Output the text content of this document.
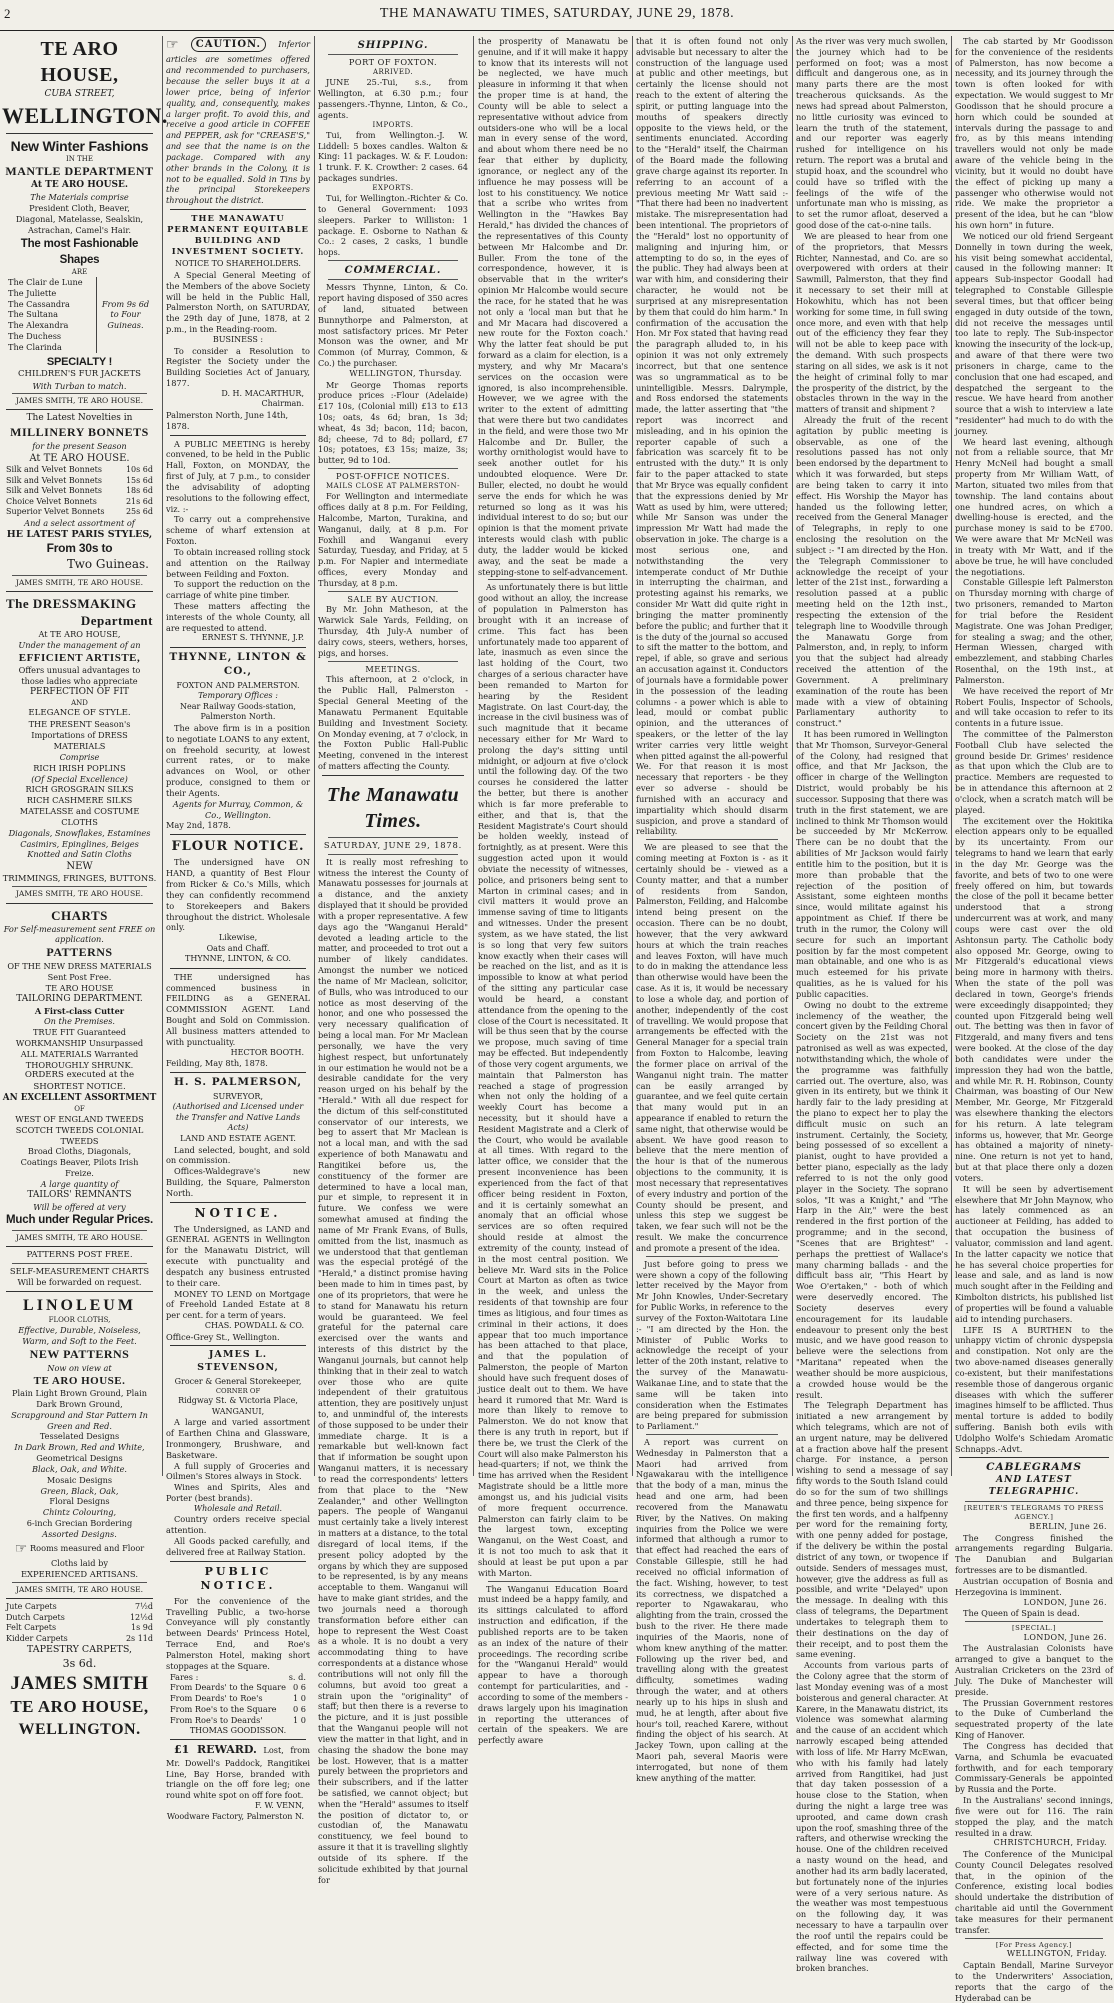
2	THE MANAWATU TIMES, SATURDAY, JUNE 29, 1878.
TE ARO HOUSE,
CUBA STREET,
WELLINGTON.
New Winter Fashions
IN THE
MANTLE DEPARTMENT
At TE ARO HOUSE.
The Materials comprise
President Cloth, Beaver, Diagonal, Matelasse, Sealskin, Astrachan, Camel's Hair.
The most Fashionable Shapes
ARE
The Clair de Lune
The Juliette
The Cassandra
The Sultana
The Alexandra
The Duchess
The Clarinda
From 9s 6d to Four Guineas.
SPECIALTY !
CHILDREN'S FUR JACKETS
With Turban to match.
JAMES SMITH, TE ARO HOUSE.
The Latest Novelties in
MILLINERY BONNETS
for the present Season
At TE ARO HOUSE.
Silk and Velvet Bonnets	10s 6d
Silk and Velvet Bonnets	15s 6d
Silk and Velvet Bonnets	18s 6d
Choice Velvet Bonnets	21s 6d
Superior Velvet Bonnets	25s 6d
And a select assortment of
HE LATEST PARIS STYLES,
From 30s to
Two Guineas.
JAMES SMITH, TE ARO HOUSE.
The DRESSMAKING
Department
At TE ARO HOUSE,
Under the management of an
EFFICIENT ARTISTE,
Offers unusual advantages to those ladies who appreciate
PERFECTION OF FIT
AND
ELEGANCE OF STYLE.
THE PRESENT Season's Importations of DRESS MATERIALS
Comprise
RICH IRISH POPLINS
(Of Special Excellence)
RICH GROSGRAIN SILKS
RICH CASHMERE SILKS
MATELASSE and COSTUME CLOTHS
Diagonals, Snowflakes, Estamines Casimirs, Epinglines, Beiges Knotted and Satin Cloths
NEW
TRIMMINGS, FRINGES, BUTTONS.
JAMES SMITH, TE ARO HOUSE.
CHARTS
For Self-measurement sent FREE on application.
PATTERNS
OF THE NEW DRESS MATERIALS Sent Post Free.
TE ARO HOUSE
TAILORING DEPARTMENT.
A First-class Cutter
On the Premises.
TRUE FIT Guaranteed
WORKMANSHIP Unsurpassed
ALL MATERIALS Warranted
THOROUGHLY SHRUNK.
ORDERS executed at the SHORTEST NOTICE.
AN EXCELLENT ASSORTMENT
OF
WEST OF ENGLAND TWEEDS SCOTCH TWEEDS COLONIAL TWEEDS
Broad Cloths, Diagonals, Coatings Beaver, Pilots Irish Freize.
A large quantity of
TAILORS' REMNANTS
Will be offered at very
Much under Regular Prices.
JAMES SMITH, TE ARO HOUSE.
PATTERNS POST FREE.
SELF-MEASUREMENT CHARTS
Will be forwarded on request.
LINOLEUM
FLOOR CLOTHS,
Effective, Durable, Noiseless, Warm, and Soft to the Feet.
NEW PATTERNS
Now on view at
TE ARO HOUSE.
Plain Light Brown Ground, Plain Dark Brown Ground,
Scrapground and Star Pattern In Green and Red.
Tesselated Designs
In Dark Brown, Red and White,
Geometrical Designs
Black, Oak, and White.
Mosaic Designs
Green, Black, Oak,
Floral Designs
Chintz Colouring,
6-inch Grecian Bordering
Assorted Designs.
☞ Rooms measured and Floor Cloths laid by
EXPERIENCED ARTISANS.
JAMES SMITH, TE ARO HOUSE.
Jute Carpets	7½d
Dutch Carpets	12½d
Felt Carpets	1s 9d
Kidder Carpets	2s 11d
TAPESTRY CARPETS,
3s 6d.
JAMES SMITH
TE ARO HOUSE,
WELLINGTON.
☞ CAUTION. Inferior articles are sometimes offered and recommended to purchasers, because the seller buys it at a lower price, being of inferior quality, and, consequently, makes a larger profit. To avoid this, and receive a good article in COFFEE and PEPPER, ask for "CREASE'S," and see that the name is on the package. Compared with any other brands in the Colony, it is not to be equalled. Sold in Tins by the principal Storekeepers throughout the district.
THE MANAWATU PERMANENT EQUITABLE BUILDING AND INVESTMENT SOCIETY.
NOTICE TO SHAREHOLDERS.
A Special General Meeting of the Members of the above Society will be held in the Public Hall, Palmerston North, on SATURDAY, the 29th day of June, 1878, at 2 p.m., in the Reading-room.
BUSINESS :
To consider a Resolution to Register the Society under the Building Societies Act of January, 1877.
D. H. MACARTHUR,
Chairman.
Palmerston North, June 14th, 1878.
A PUBLIC MEETING is hereby convened, to be held in the Public Hall, Foxton, on MONDAY, the first of July, at 7 p.m., to consider the advisability of adopting resolutions to the following effect, viz. :-
To carry out a comprehensive scheme of wharf extension at Foxton.
To obtain increased rolling stock and attention on the Railway between Feilding and Foxton.
To support the reduction on the carriage of white pine timber.
These matters affecting the interests of the whole County, all are requested to attend.
ERNEST S. THYNNE, J.P.
THYNNE, LINTON & CO.,
FOXTON AND PALMERSTON.
Temporary Offices :
Near Railway Goods-station, Palmerston North.
The above firm is in a position to negotiate LOANS to any extent, on freehold security, at lowest current rates, or to make advances on Wool, or other produce, consigned to them or their Agents.
Agents for Murray, Common, & Co., Wellington.
May 2nd, 1878.
FLOUR NOTICE.
The undersigned have ON HAND, a quantity of Best Flour from Ricker & Co.'s Mills, which they can confidently recommend to Storekeepers and Bakers throughout the district. Wholesale only.
Likewise,
Oats and Chaff.
THYNNE, LINTON, & CO.
THE undersigned has commenced business in FEILDING as a GENERAL COMMISSION AGENT. Land Bought and Sold on Commission. All business matters attended to with punctuality.
HECTOR BOOTH.
Feilding, May 8th, 1878.
H. S. PALMERSON,
SURVEYOR,
(Authorised and Licensed under the Transfer and Native Lands Acts)
LAND AND ESTATE AGENT.
Land selected, bought, and sold on commission.
Offices-Waldegrave's new Building, the Square, Palmerston North.
NOTICE.
The Undersigned, as LAND and GENERAL AGENTS in Wellington for the Manawatu District, will execute with punctuality and despatch any business entrusted to their care.
MONEY TO LEND on Mortgage of Freehold Landed Estate at 8 per cent. for a term of years.
CHAS. POWDALL & CO.
Office-Grey St., Wellington.
JAMES L. STEVENSON,
Grocer & General Storekeeper,
CORNER OF
Ridgway St. & Victoria Place,
WANGANUI,
A large and varied assortment of Earthen China and Glassware, Ironmongery, Brushware, and Basketware.
A full supply of Groceries and Oilmen's Stores always in Stock.
Wines and Spirits, Ales and Porter (best brands).
Wholesale and Retail.
Country orders receive special attention.
All Goods packed carefully, and delivered free at Railway Station.
PUBLIC NOTICE.
For the convenience of the Travelling Public, a two-horse Conveyance will ply constantly between Deards' Princess Hotel, Terrace End, and Roe's Palmerston Hotel, making short stoppages at the Square.
Fares :	s. d.
From Deards' to the Square 0 6
From Deards' to Roe's	1 0
From Roe's to the Square 0 6
From Roe's to Deards'	1 0
THOMAS GOODISSON.
£1 REWARD. Lost, from Mr. Dowell's Paddock, Rangitikei Line, Bay Horse, branded with triangle on the off fore leg; one round white spot on off fore foot.
F. W. VENN,
Woodware Factory, Palmerston N.
SHIPPING.
PORT OF FOXTON.
ARRIVED.
JUNE 25.-Tui, s.s., from Wellington, at 6.30 p.m.; four passengers.-Thynne, Linton, & Co., agents.
IMPORTS.
Tui, from Wellington.-J. W. Liddell: 5 boxes candles. Walton & King: 11 packages. W. & F. Loudon: 1 trunk. F. K. Crowther: 2 cases. 64 packages sundries.
EXPORTS.
Tui, for Wellington.-Richter & Co. to General Government: 1093 sleepers. Parker to Williston: 1 package. E. Osborne to Nathan & Co.: 2 cases, 2 casks, 1 bundle hops.
COMMERCIAL.
Messrs Thynne, Linton, & Co. report having disposed of 350 acres of land, situated between Bunnythorpe and Palmerston, at most satisfactory prices. Mr Peter Monson was the owner, and Mr Common (of Murray, Common, & Co.) the purchaser.
WELLINGTON, Thursday.
Mr George Thomas reports produce prices :-Flour (Adelaide) £17 10s, (Colonial mill) £13 to £13 10s; oats, 4s 6d; bran, 1s 3d; wheat, 4s 3d; bacon, 11d; bacon, 8d; cheese, 7d to 8d; pollard, £7 10s; potatoes, £3 15s; maize, 3s; butter, 9d to 10d.
POST-OFFICE NOTICES.
MAILS CLOSE AT PALMERSTON-
For Wellington and intermediate offices daily at 8 p.m. For Feilding, Halcombe, Marton, Turakina, and Wanganui, daily, at 8 p.m. For Foxhill and Wanganui every Saturday, Tuesday, and Friday, at 5 p.m. For Napier and intermediate offices, every Monday and Thursday, at 8 p.m.
SALE BY AUCTION.
By Mr. John Matheson, at the Warwick Sale Yards, Feilding, on Thursday, 4th July-A number of dairy cows, steers, wethers, horses, pigs, and horses.
MEETINGS.
This afternoon, at 2 o'clock, in the Public Hall, Palmerston - Special General Meeting of the Manawatu Permanent Equitable Building and Investment Society. On Monday evening, at 7 o'clock, in the Foxton Public Hall-Public Meeting, convened in the interest of matters affecting the County.
The Manawatu Times.
SATURDAY, JUNE 29, 1878.
It is really most refreshing to witness the interest the County of Manawatu possesses for journals at a distance, and the anxiety displayed that it should be provided with a proper representative. A few days ago the "Wanganui Herald" devoted a leading article to the matter, and proceeded to trot out a number of likely candidates. Amongst the number we noticed the name of Mr Maclean, solicitor, of Bulls, who was introduced to our notice as most deserving of the honor, and one who possessed the very necessary qualification of being a local man. For Mr Maclean personally, we have the very highest respect, but unfortunately in our estimation he would not be a desirable candidate for the very reason urged on his behalf by the "Herald." With all due respect for the dictum of this self-constituted conservator of our interests, we beg to assert that Mr Maclean is not a local man, and with the sad experience of both Manawatu and Rangitikei before us, the constituency of the former are determined to have a local man, pur et simple, to represent it in future. We confess we were somewhat amused at finding the name of Mr Frank Evans, of Bulls, omitted from the list, inasmuch as we understood that that gentleman was the especial protégé of the "Herald," a distinct promise having been made to him in times past, by one of its proprietors, that were he to stand for Manawatu his return would be guaranteed. We feel grateful for the paternal care exercised over the wants and interests of this district by the Wanganui journals, but cannot help thinking that in their zeal to watch over those who are quite independent of their gratuitous attention, they are positively unjust to, and unmindful of, the interests of those supposed to be under their immediate charge. It is a remarkable but well-known fact that if information be sought upon Wanganui matters, it is necessary to read the correspondents' letters from that place to the "New Zealander," and other Wellington papers. The people of Wanganui must certainly take a lively interest in matters at a distance, to the total disregard of local items, if the present policy adopted by the organs by which they are supposed to be represented, is by any means acceptable to them. Wanganui will have to make giant strides, and the two journals need a thorough transformation before either can hope to represent the West Coast as a whole. It is no doubt a very accommodating thing to have correspondents at a distance whose contributions will not only fill the columns, but avoid too great a strain upon the "originality" of staff; but then there is a reverse to the picture, and it is just possible that the Wanganui people will not view the matter in that light, and in chasing the shadow the bone may be lost. However, that is a matter purely between the proprietors and their subscribers, and if the latter be satisfied, we cannot object; but when the "Herald" assumes to itself the position of dictator to, or custodian of, the Manawatu constituency, we feel bound to assure it that it is travelling slightly outside of its sphere. If the solicitude exhibited by that journal for
the prosperity of Manawatu be genuine, and if it will make it happy to know that its interests will not be neglected, we have much pleasure in informing it that when the proper time is at hand, the County will be able to select a representative without advice from outsiders-one who will be a local man in every sense of the word, and about whom there need be no fear that either by duplicity, ignorance, or neglect any of the influence he may possess will be lost to his constituency. We notice that a scribe who writes from Wellington in the "Hawkes Bay Herald," has divided the chances of the representatives of this County between Mr Halcombe and Dr. Buller. From the tone of the correspondence, however, it is observable that in the writer's opinion Mr Halcombe would secure the race, for he stated that he was not only a 'local man but that he and Mr Macara had discovered a new route for the Foxton coach.' Why the latter feat should be put forward as a claim for election, is a mystery, and why Mr Macara's services on the occasion were ignored, is also incomprehensible. However, we we agree with the writer to the extent of admitting that were there but two candidates in the field, and were those two Mr Halcombe and Dr. Buller, the worthy ornithologist would have to seek another outlet for his undoubted eloquence. Were Dr. Buller, elected, no doubt he would serve the ends for which he was returned so long as it was his individual interest to do so; but our opinion is that the moment private interests would clash with public duty, the ladder would be kicked away, and the seat be made a stepping-stone to self-advancement.
As unfortunately there is but little good without an alloy, the increase of population in Palmerston has brought with it an increase of crime. This fact has been unfortunately made too apparent of late, inasmuch as even since the last holding of the Court, two charges of a serious character have been remanded to Marton for hearing by the Resident Magistrate. On last Court-day, the increase in the civil business was of such magnitude that it became necessary either for Mr Ward to prolong the day's sitting until midnight, or adjourn at five o'clock until the following day. Of the two courses he considered the latter the better, but there is another which is far more preferable to either, and that is, that the Resident Magistrate's Court should be holden weekly, instead of fortnightly, as at present. Were this suggestion acted upon it would obviate the necessity of witnesses, police, and prisoners being sent to Marton in criminal cases; and in civil matters it would prove an immense saving of time to litigants and witnesses. Under the present system, as we have stated, the list is so long that very few suitors know exactly when their cases will be reached on the list, and as it is impossible to know at what period of the sitting any particular case would be heard, a constant attendance from the opening to the close of the Court is necessitated. It will be thus seen that by the course we propose, much saving of time may be effected. But independently of those very cogent arguments, we maintain that Palmerston has reached a stage of progression when not only the holding of a weekly Court has become a necessity, but it should have a Resident Magistrate and a Clerk of the Court, who would be available at all times. With regard to the latter office, we consider that the present inconvenience has been experienced from the fact of that officer being resident in Foxton, and it is certainly somewhat an anomaly that an official whose services are so often required should reside at almost the extremity of the county, instead of in the most central position. We believe Mr. Ward sits in the Police Court at Marton as often as twice in the week, and unless the residents of that township are four times as litigious, and four times as criminal in their actions, it does appear that too much importance has been attached to that place, and that the population of Palmerston, the people of Marton should have such frequent doses of justice dealt out to them. We have heard it rumored that Mr. Ward is more than likely to remove to Palmerston. We do not know that there is any truth in report, but if there be, we trust the Clerk of the Court will also make Palmerston his head-quarters; if not, we think the time has arrived when the Resident Magistrate should be a little more amongst us, and his judicial visits of more frequent occurrence. Palmerston can fairly claim to be the largest town, excepting Wanganui, on the West Coast, and it is not too much to ask that it should at least be put upon a par with Marton.
The Wanganui Education Board must indeed be a happy family, and its sittings calculated to afford instruction and edification, if the published reports are to be taken as an index of the nature of their proceedings. The recording scribe for the "Wanganui Herald" would appear to have a thorough contempt for particularities, and - according to some of the members - draws largely upon his imagination in reporting the utterances of certain of the speakers. We are perfectly aware
that it is often found not only advisable but necessary to alter the construction of the language used at public and other meetings, but certainly the license should not reach to the extent of altering the spirit, or putting language into the mouths of speakers directly opposite to the views held, or the sentiments enunciated. According to the "Herald" itself, the Chairman of the Board made the following grave charge against its reporter. In referring to an account of a previous meeting Mr Watt said :- "That there had been no inadvertent mistake. The misrepresentation had been intentional. The proprietors of the "Herald" lost no opportunity of maligning and injuring him, or attempting to do so, in the eyes of the public. They had always been at war with him, and considering their character, he would not be surprised at any misrepresentation by them that could do him harm." In confirmation of the accusation the Hon. Mr Fox stated that having read the paragraph alluded to, in his opinion it was not only extremely incorrect, but that one sentence was so ungrammatical as to be unintelligible. Messrs. Dalrymple, and Ross endorsed the statements made, the latter asserting that "the report was incorrect and misleading, and in his opinion the reporter capable of such a fabrication was scarcely fit to be entrusted with the duty." It is only fair to the paper attacked to state that Mr Bryce was equally confident that the expressions denied by Mr Watt as used by him, were uttered; while Mr Sanson was under the impression Mr Watt had made the observation in joke. The charge is a most serious one, and notwithstanding the very intemperate conduct of Mr Duthie in interrupting the chairman, and protesting against his remarks, we consider Mr Watt did quite right in bringing the matter prominently before the public; and further that it is the duty of the journal so accused to sift the matter to the bottom, and repel, if able, so grave and serious an accusation against it. Conductors of journals have a formidable power in the possession of the leading columns - a power which is able to lead, mould or combat public opinion, and the utterances of speakers, or the letter of the lay writer carries very little weight when pitted against the all-powerful We. For that reason it is most necessary that reporters - be they ever so adverse - should be furnished with an accuracy and impartiality which should disarm suspicion, and prove a standard of reliability.
We are pleased to see that the coming meeting at Foxton is - as it certainly should be - viewed as a County matter, and that a number of residents from Sandon, Palmerston, Feilding, and Halcombe intend being present on the occasion. There can be no doubt, however, that the very awkward hours at which the train reaches and leaves Foxton, will have much to do in making the attendance less than otherwise would have been the case. As it is, it would be necessary to lose a whole day, and portion of another, independently of the cost of travelling. We would propose that arrangements be effected with the General Manager for a special train from Foxton to Halcombe, leaving the former place on arrival of the Wanganui night train. The matter can be easily arranged by guarantee, and we feel quite certain that many would put in an appearance if enabled to return the same night, that otherwise would be absent. We have good reason to believe that the mere mention of the hour is that of the numerous objections to the community, it is most necessary that representatives of every industry and portion of the County should be present, and unless this step we suggest be taken, we fear such will not be the result. We make the concurrence and promote a present of the idea.
Just before going to press we were shown a copy of the following letter received by the Mayor from Mr John Knowles, Under-Secretary for Public Works, in reference to the survey of the Foxton-Waitotara Line :- "I am directed by the Hon. the Minister of Public Works to acknowledge the receipt of your letter of the 20th instant, relative to the survey of the Manawatu-Waikanae Line, and to state that the same will be taken into consideration when the Estimates are being prepared for submission to Parliament."
A report was current on Wednesday in Palmerston that a Maori had arrived from Ngawakarau with the intelligence that the body of a man, minus the head and one arm, had been recovered from the Manawatu River, by the Natives. On making inquiries from the Police we were informed that although a rumor to that effect had reached the ears of Constable Gillespie, still he had received no official information of the fact. Wishing, however, to test its correctness, we dispatched a reporter to Ngawakarau, who alighting from the train, crossed the bush to the river. He there made inquiries of the Maoris, none of whom knew anything of the matter. Following up the river bed, and travelling along with the greatest difficulty, sometimes wading through the water, and at others nearly up to his hips in slush and mud, he at length, after about five hour's toil, reached Karere, without finding the object of his search. At Jackey Town, upon calling at the Maori pah, several Maoris were interrogated, but none of them knew anything of the matter.
As the river was very much swollen, the journey which had to be performed on foot; was a most difficult and dangerous one, as in many parts there are the most treacherous quicksands. As the news had spread about Palmerston, no little curiosity was evinced to learn the truth of the statement, and our reporter was eagerly rushed for intelligence on his return. The report was a brutal and stupid hoax, and the scoundrel who could have so trifled with the feelings of the wife of the unfortunate man who is missing, as to set the rumor afloat, deserved a good dose of the cat-o-nine tails.
We are pleased to hear from one of the proprietors, that Messrs Richter, Nannestad, and Co. are so overpowered with orders at their Sawmill, Palmerston, that they find it necessary to set their mill at Hokowhitu, which has not been working for some time, in full swing once more, and even with that help out of the efficiency they fear they will not be able to keep pace with the demand. With such prospects staring on all sides, we ask is it not the height of criminal folly to mar the prosperity of the district, by the obstacles thrown in the way in the matters of transit and shipment ?
Already the fruit of the recent agitation by public meeting is observable, as one of the resolutions passed has not only been endorsed by the department to which it was forwarded, but steps are being taken to carry it into effect. His Worship the Mayor has handed us the following letter, received from the General Manager of Telegraphs, in reply to one enclosing the resolution on the subject :- "I am directed by the Hon. the Telegraph Commissioner to acknowledge the receipt of your letter of the 21st inst., forwarding a resolution passed at a public meeting held on the 12th inst., respecting the extension of the telegraph line to Woodville through the Manawatu Gorge from Palmerston, and, in reply, to inform you that the subject had already received the attention of the Government. A preliminary examination of the route has been made with a view of obtaining Parliamentary authority to construct."
It has been rumored in Wellington that Mr Thomson, Surveyor-General of the Colony, had resigned that office, and that Mr Jackson, the officer in charge of the Wellington District, would probably be his successor. Supposing that there was truth in the first statement, we are inclined to think Mr Thomson would be succeeded by Mr McKerrow. There can be no doubt that the abilities of Mr Jackson would fairly entitle him to the position, but it is more than probable that the rejection of the position of Assistant, some eighteen months since, would militate against his appointment as Chief. If there be truth in the rumor, the Colony will secure for such an important position by far the most competent man obtainable, and one who is as much esteemed for his private qualities, as he is valued for his public capacities.
Owing no doubt to the extreme inclemency of the weather, the concert given by the Feilding Choral Society on the 21st was not patronised as well as was expected, notwithstanding which, the whole of the programme was faithfully carried out. The overture, also, was given in its entirety, but we think it hardly fair to the lady presiding at the piano to expect her to play the difficult music on such an instrument. Certainly, the Society, being possessed of so excellent a pianist, ought to have provided a better piano, especially as the lady referred to is not the only good player in the Society. The soprano solos, "It was a Knight," and "The Harp in the Air," were the best rendered in the first portion of the programme; and in the second, "Scenes that are Brightest" - perhaps the prettiest of Wallace's many charming ballads - and the difficult bass air, "This Heart by Woe O'ertaken," - both of which were deservedly encored. The Society deserves every encouragement for its laudable endeavour to present only the best music, and we have good reason to believe were the selections from "Maritana" repeated when the weather should be more auspicious, a crowded house would be the result.
The Telegraph Department has initiated a new arrangement by which telegrams, which are not of an urgent nature, may be delivered at a fraction above half the present charge. For instance, a person wishing to send a message of say fifty words to the South Island could do so for the sum of two shillings and three pence, being sixpence for the first ten words, and a halfpenny per word for the remaining forty, with one penny added for postage, if the delivery be within the postal district of any town, or twopence if outside. Senders of messages must, however, give the address as full as possible, and write "Delayed" upon the message. In dealing with this class of telegrams, the Department undertakes to telegraph them to their destinations on the day of their receipt, and to post them the same evening.
Accounts from various parts of the Colony agree that the storm of last Monday evening was of a most boisterous and general character. At Karere, in the Manawatu district, its violence was somewhat alarming and the cause of an accident which narrowly escaped being attended with loss of life. Mr Harry McEwan, who with his family had lately arrived from Rangitikei, had just that day taken possession of a house close to the Station, when during the night a large tree was uprooted, and came down crash upon the roof, smashing three of the rafters, and otherwise wrecking the house. One of the children received a nasty wound on the head, and another had its arm badly lacerated, but fortunately none of the injuries were of a very serious nature. As the weather was most tempestuous on the following day, it was necessary to have a tarpaulin over the roof until the repairs could be effected, and for some time the railway line was covered with broken branches.
The cab started by Mr Goodisson for the convenience of the residents of Palmerston, has now become a necessity, and its journey through the town is often looked for with expectation. We would suggest to Mr Goodisson that he should procure a horn which could be sounded at intervals during the passage to and fro, as by this means intending travellers would not only be made aware of the vehicle being in the vicinity, but it would no doubt have the effect of picking up many a passenger who otherwise would not ride. We make the proprietor a present of the idea, but he can "blow his own horn" in future.
We noticed our old friend Sergeant Donnelly in town during the week, his visit being somewhat accidental, caused in the following manner: It appears Sub-inspector Goodall had telegraphed to Constable Gillespie several times, but that officer being engaged in duty outside of the town, did not receive the messages until too late to reply. The Sub-inspector knowing the insecurity of the lock-up, and aware of that there were two prisoners in charge, came to the conclusion that one had escaped, and despatched the sergeant to the rescue. We have heard from another source that a wish to interview a late "residenter" had much to do with the journey.
We heard last evening, although not from a reliable source, that Mr Henry McNeil had bought a small property from Mr William Watt, of Marton, situated two miles from that township. The land contains about one hundred acres, on which a dwelling-house is erected, and the purchase money is said to be £700. We were aware that Mr McNeil was in treaty with Mr Watt, and if the above be true, he will have concluded the negotiations.
Constable Gillespie left Palmerston on Thursday morning with charge of two prisoners, remanded to Marton for trial before the Resident Magistrate. One was Johan Prediger, for stealing a swag; and the other, Herman Wiessen, charged with embezzlement, and stabbing Charles Rosenthal, on the 19th inst., at Palmerston.
We have received the report of Mr Robert Foulis, Inspector of Schools, and will take occasion to refer to its contents in a future issue.
The committee of the Palmerston Football Club have selected the ground beside Dr. Grimes' residence as that upon which the Club are to practice. Members are requested to be in attendance this afternoon at 2 o'clock, when a scratch match will be played.
The excitement over the Hokitika election appears only to be equalled by its uncertainty. From our telegrams to hand we learn that early in the day Mr. George was the favorite, and bets of two to one were freely offered on him, but towards the close of the poll it became better understood that a strong undercurrent was at work, and many coups were cast over the old Ashtonsun party. The Catholic body also opposed Mr. George, owing to Mr Fitzgerald's educational views being more in harmony with theirs. When the state of the poll was declared in town, George's friends were exceedingly disappointed; they counted upon Fitzgerald being well out. The betting was then in favor of Fitzgerald, and many fivers and tens were booked. At the close of the day both candidates were under the impression they had won the battle, and while Mr. R. H. Robinson, County Chairman, was boasting of Our New Member, Mr. George, Mr Fitzgerald was elsewhere thanking the electors for his return. A late telegram informs us, however, that Mr. George has obtained a majority of ninety-nine. One return is not yet to hand, but at that place there only a dozen voters.
It will be seen by advertisement elsewhere that Mr John Maynow, who has lately commenced as an auctioneer at Feilding, has added to that occupation the business of valuator, commission and land agent. In the latter capacity we notice that he has several choice properties for lease and sale, and as land is now much sought after in the Feilding and Kimbolton districts, his published list of properties will be found a valuable aid to intending purchasers.
LIFE IS A BURTHEN to the unhappy victim of chronic dyspepsia and constipation. Not only are the two above-named diseases generally co-existent, but their manifestations resemble those of dangerous organic diseases with which the sufferer imagines himself to be afflicted. Thus mental torture is added to bodily suffering. Banish both evils with Udolpho Wolfe's Schiedam Aromatic Schnapps.-Advt.
CABLEGRAMS
AND LATEST TELEGRAPHIC.
[REUTER'S TELEGRAMS TO PRESS AGENCY.]
BERLIN, June 26.
The Congress finished the arrangements regarding Bulgaria. The Danubian and Bulgarian fortresses are to be dismantled.
Austrian occupation of Bosnia and Herzegovina is imminent.
LONDON, June 26.
The Queen of Spain is dead.
[SPECIAL.]
LONDON, June 26.
The Australasian Colonists have arranged to give a banquet to the Australian Cricketers on the 23rd of July. The Duke of Manchester will preside.
The Prussian Government restores to the Duke of Cumberland the sequestrated property of the late King of Hanover.
The Congress has decided that Varna, and Schumla be evacuated forthwith, and for each temporary Commissary-Generals be appointed by Russia and the Porte.
In the Australians' second innings, five were out for 116. The rain stopped the play, and the match resulted in a draw.
CHRISTCHURCH, Friday.
The Conference of the Municipal County Council Delegates resolved that, in the opinion of the Conference, existing local bodies should undertake the distribution of charitable aid until the Government take measures for their permanent transfer.
[For Press Agency.]
WELLINGTON, Friday.
Captain Bendall, Marine Surveyor to the Underwriters' Association, reports that the cargo of the Hyderabad can be
